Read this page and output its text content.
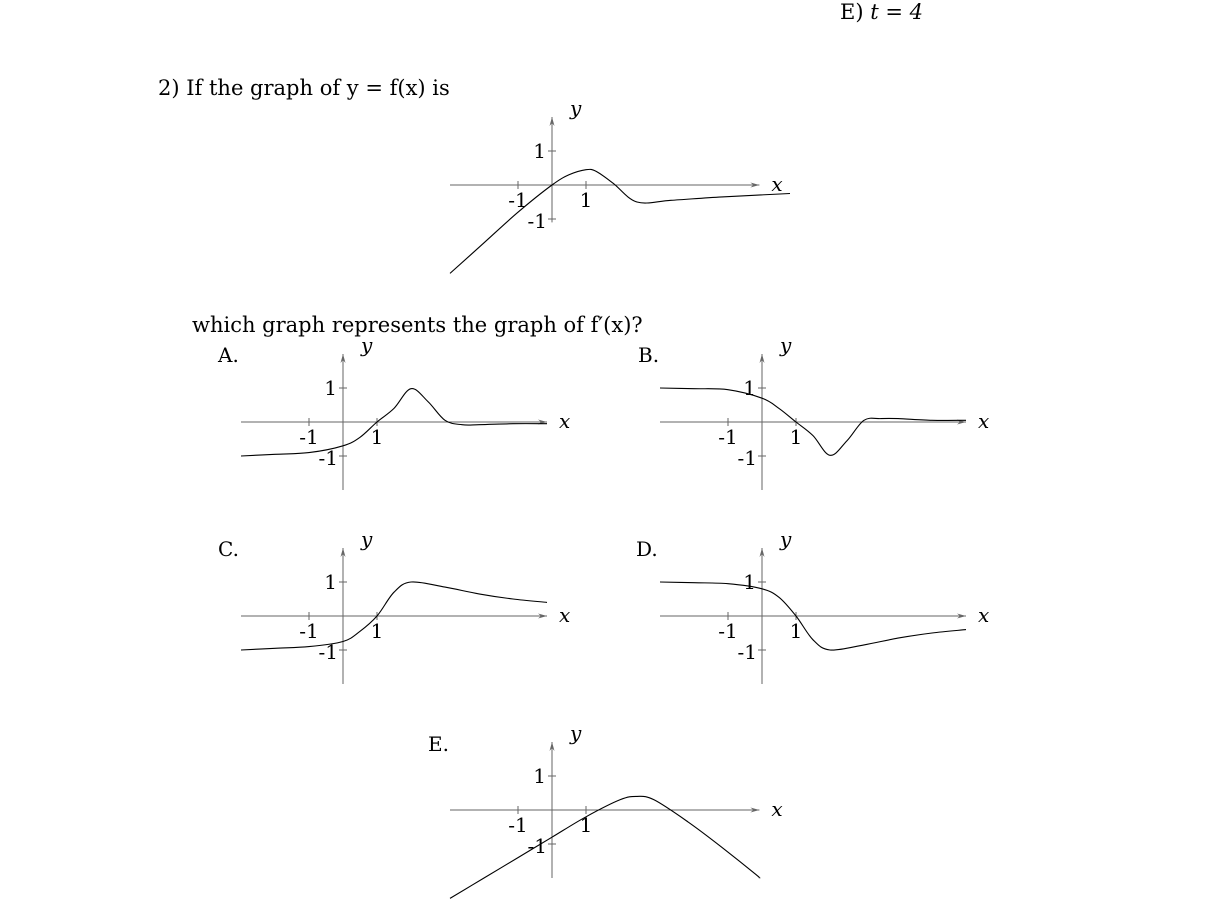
E) t = 4
2) If the graph of y = f(x) is
which graph represents the graph of f′(x)?
-1	1
1
-1
x
y
-1	1
1
-1
x
y
A.
-1	1
1
-1
x
y
B.
-1	1
1
-1
x
y
C.
-1	1
1
-1
x
y
D.
-1	1
1
-1
x
y
E.
